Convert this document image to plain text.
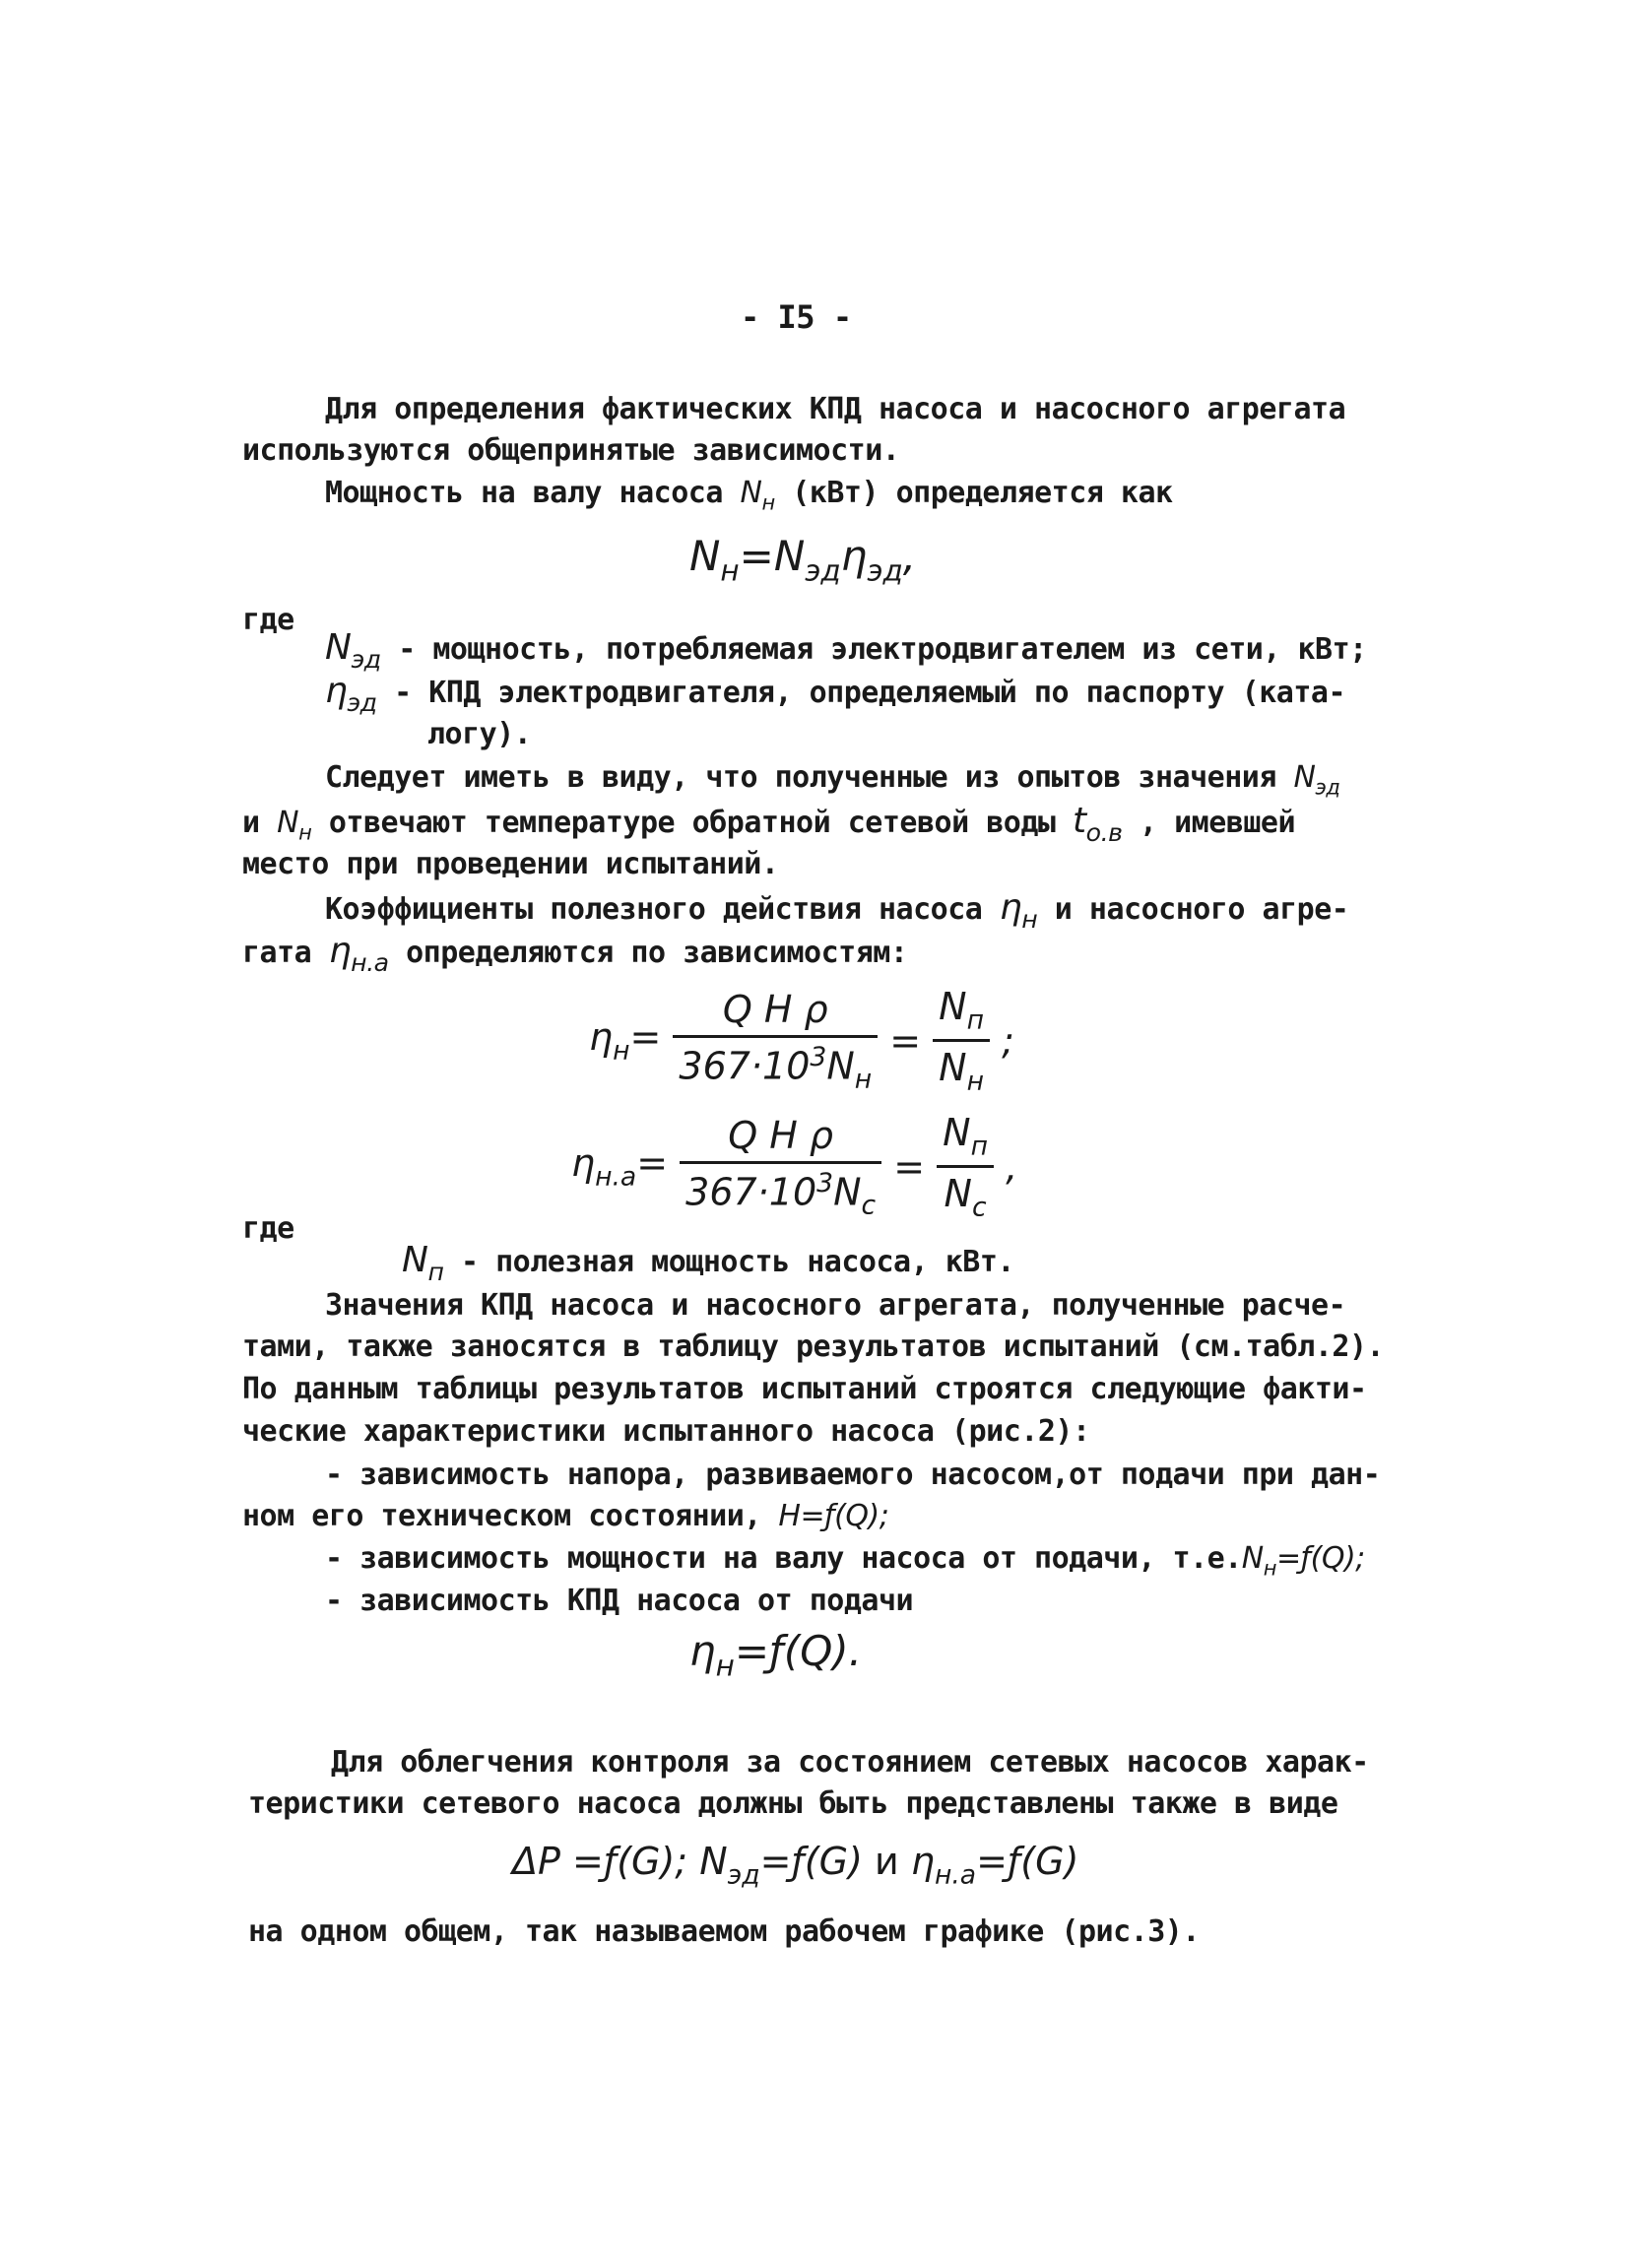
- I5 -
Для определения фактических КПД насоса и насосного агрегата
используются общепринятые зависимости.
Мощность на валу насоса $N_н$ (кВт) определяется как
$N_н=N_{эд}\eta_{эд}$,
где
$N_{эд}$ - мощность, потребляемая электродвигателем из сети, кВт;
$\eta_{эд}$ - КПД электродвигателя, определяемый по паспорту (ката-
логу).
Следует иметь в виду, что полученные из опытов значения $N_{эд}$
и $N_н$ отвечают температуре обратной сетевой воды $t_{о.в}$ , имевшей
место при проведении испытаний.
Коэффициенты полезного действия насоса $\eta_н$ и насосного агре-
гата $\eta_{н.а}$ определяются по зависимостям:
$\eta_н= \frac{\text{Q H ρ}}{367\cdot 10^3N_н} = \frac{N_п}{N_н}$ ;
$\eta_{н.а}= \frac{\text{Q H ρ}}{367\cdot 10^3N_с} = \frac{N_п}{N_с}$ ,
где
$N_п$ - полезная мощность насоса, кВт.
Значения КПД насоса и насосного агрегата, полученные расче-
тами, также заносятся в таблицу результатов испытаний (см.табл.2).
По данным таблицы результатов испытаний строятся следующие факти-
ческие характеристики испытанного насоса (рис.2):
- зависимость напора, развиваемого насосом,от подачи при дан-
ном его техническом состоянии, H=ƒ(Q);
- зависимость мощности на валу насоса от подачи, $т.е.N_н=ƒ(Q)$;
- зависимость КПД насоса от подачи
$\eta_н=ƒ(Q)$.
Для облегчения контроля за состоянием сетевых насосов харак-
теристики сетевого насоса должны быть представлены также в виде
ΔP =ƒ(G); $N_{эд}=ƒ(G)$ и $\eta_{н.а}=ƒ(G)$
на одном общем, так называемом рабочем графике (рис.3).
